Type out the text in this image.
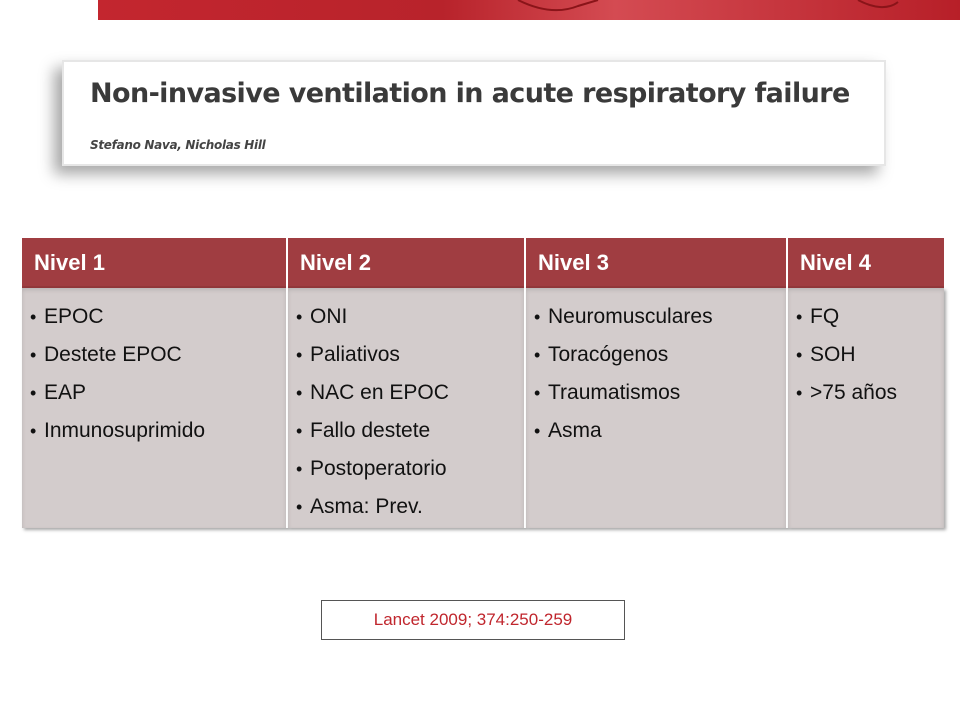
Non-invasive ventilation in acute respiratory failure
Stefano Nava, Nicholas Hill
Nivel 1
• EPOC
• Destete EPOC
• EAP
• Inmunosuprimido
Nivel 2
• ONI
• Paliativos
• NAC en EPOC
• Fallo destete
• Postoperatorio
• Asma: Prev.
Nivel 3
• Neuromusculares
• Toracógenos
• Traumatismos
• Asma
Nivel 4
• FQ
• SOH
• >75 años
Lancet 2009; 374:250-259
